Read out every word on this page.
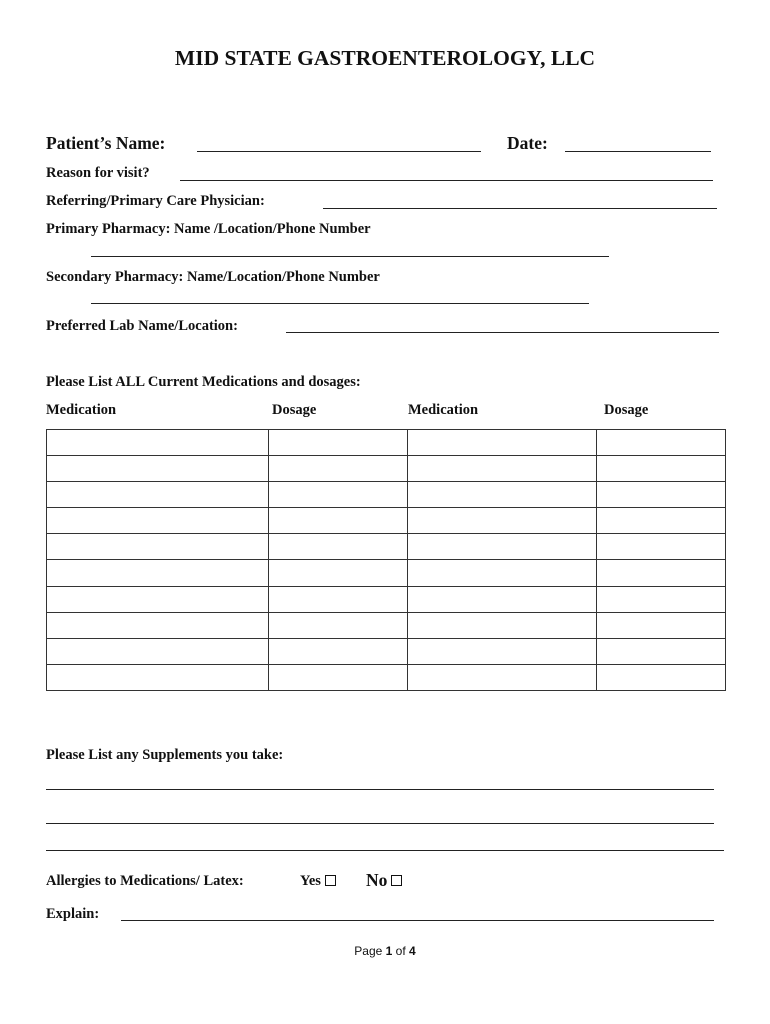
MID STATE GASTROENTEROLOGY, LLC
Patient’s Name:	Date:
Reason for visit?
Referring/Primary Care Physician:
Primary Pharmacy: Name /Location/Phone Number
Secondary Pharmacy: Name/Location/Phone Number
Preferred Lab Name/Location:
Please List ALL Current Medications and dosages:
Medication	Dosage	Medication	Dosage

Please List any Supplements you take:
Allergies to Medications/ Latex:	Yes	No
Explain:
Page 1 of 4
